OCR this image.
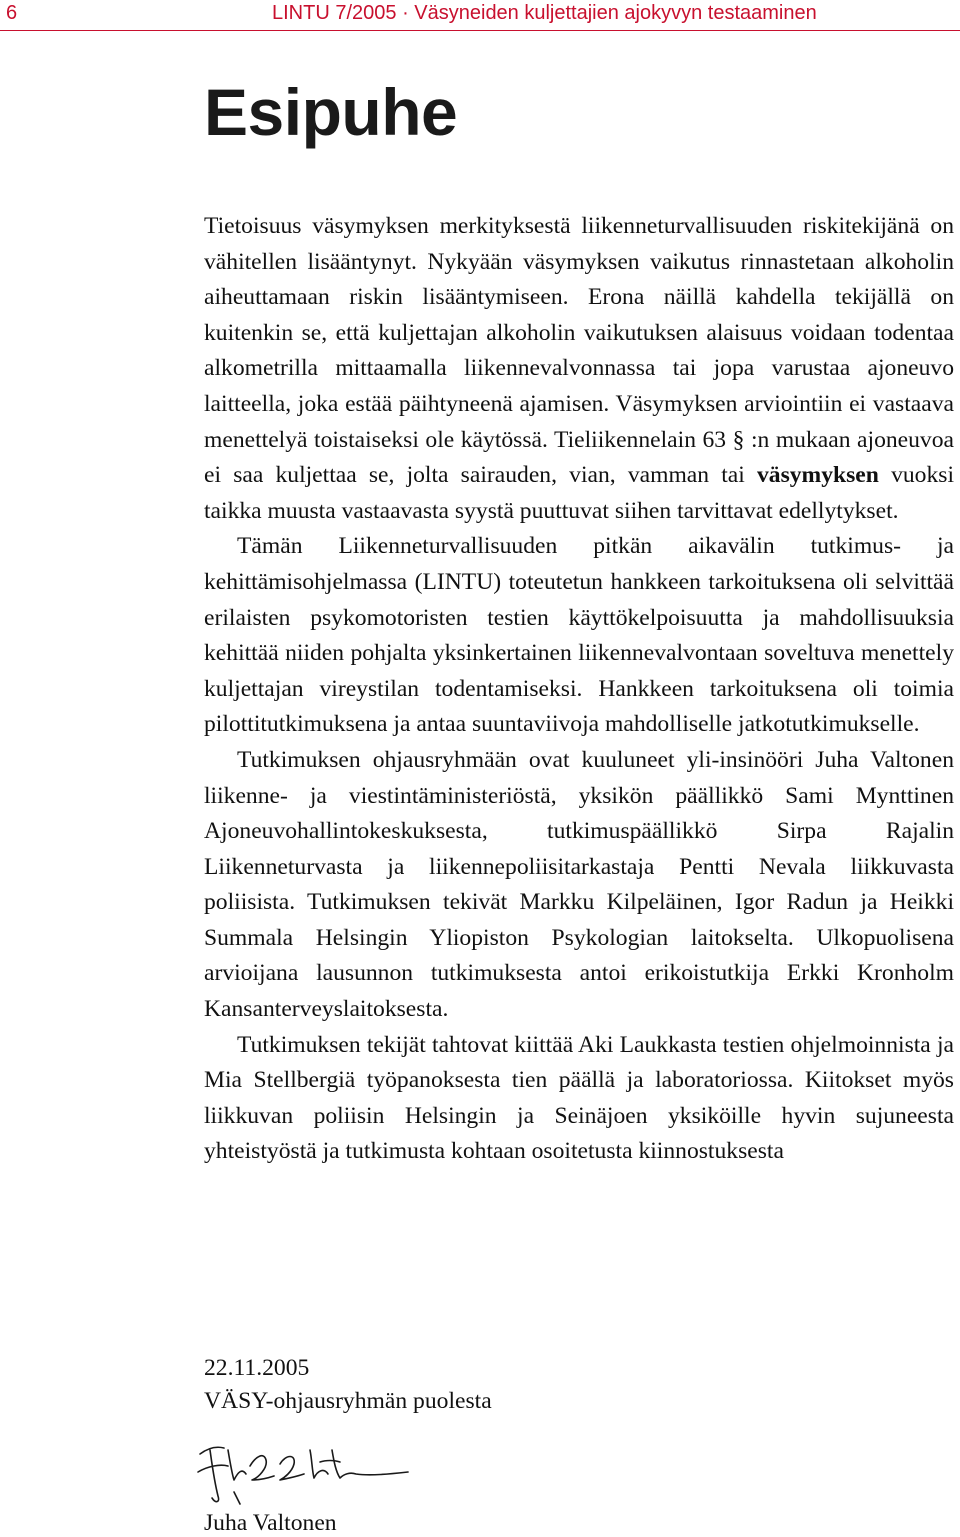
6	LINTU 7/2005 · Väsyneiden kuljettajien ajokyvyn testaaminen
Esipuhe

Tietoisuus väsymyksen merkityksestä liikenneturvallisuuden riskitekijänä on vähitellen lisääntynyt. Nykyään väsymyksen vaikutus rinnastetaan alkoholin aiheuttamaan riskin lisääntymiseen. Erona näillä kahdella tekijällä on kuitenkin se, että kuljettajan alkoholin vaikutuksen alaisuus voidaan todentaa alkometrilla mittaamalla liikennevalvonnassa tai jopa varustaa ajoneuvo laitteella, joka estää päihtyneenä ajamisen. Väsymyksen arviointiin ei vastaava menettelyä toistaiseksi ole käytössä. Tieliikennelain 63 § :n mukaan ajoneuvoa ei saa kuljettaa se, jolta sairauden, vian, vamman tai väsymyksen vuoksi taikka muusta vastaavasta syystä puuttuvat siihen tarvittavat edellytykset.

Tämän Liikenneturvallisuuden pitkän aikavälin tutkimus- ja kehittämisohjelmassa (LINTU) toteutetun hankkeen tarkoituksena oli selvittää erilaisten psykomotoristen testien käyttökelpoisuutta ja mahdollisuuksia kehittää niiden pohjalta yksinkertainen liikennevalvontaan soveltuva menettely kuljettajan vireystilan todentamiseksi. Hankkeen tarkoituksena oli toimia pilottitutkimuksena ja antaa suuntaviivoja mahdolliselle jatkotutkimukselle.

Tutkimuksen ohjausryhmään ovat kuuluneet yli-insinööri Juha Valtonen liikenne- ja viestintäministeriöstä, yksikön päällikkö Sami Mynttinen Ajoneuvohallintokeskuksesta, tutkimuspäällikkö Sirpa Rajalin Liikenneturvasta ja liikennepoliisitarkastaja Pentti Nevala liikkuvasta poliisista. Tutkimuksen tekivät Markku Kilpeläinen, Igor Radun ja Heikki Summala Helsingin Yliopiston Psykologian laitokselta. Ulkopuolisena arvioijana lausunnon tutkimuksesta antoi erikoistutkija Erkki Kronholm Kansanterveyslaitoksesta.

Tutkimuksen tekijät tahtovat kiittää Aki Laukkasta testien ohjelmoinnista ja Mia Stellbergiä työpanoksesta tien päällä ja laboratoriossa. Kiitokset myös liikkuvan poliisin Helsingin ja Seinäjoen yksiköille hyvin sujuneesta yhteistyöstä ja tutkimusta kohtaan osoitetusta kiinnostuksesta

22.11.2005
VÄSY-ohjausryhmän puolesta
Juha Valtonen
